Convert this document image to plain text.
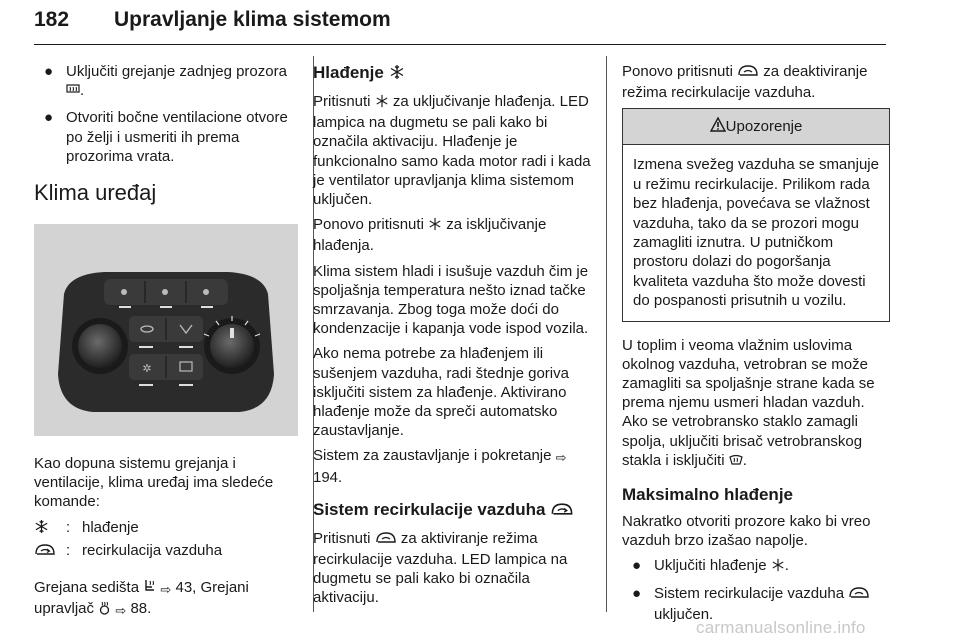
182 Upravljanje klima sistemom
● Uključiti grejanje zadnjeg prozora .
● Otvoriti bočne ventilacione otvore po želji i usmeriti ih prema prozorima vrata.
Klima uređaj
✲

Kao dopuna sistemu grejanja i ventilacije, klima uređaj ima sledeće komande:

: hlađenje
: recirkulacija vazduha

Grejana sedišta  ⇨ 43, Grejani upravljač  ⇨ 88.

Hlađenje

Pritisnuti  za uključivanje hlađenja. LED lampica na dugmetu se pali kako bi označila aktivaciju. Hlađenje je funkcionalno samo kada motor radi i kada je ventilator upravljanja klima sistemom uključen.

Ponovo pritisnuti  za isključivanje hlađenja.

Klima sistem hladi i isušuje vazduh čim je spoljašnja temperatura nešto iznad tačke smrzavanja. Zbog toga može doći do kondenzacije i kapanja vode ispod vozila.

Ako nema potrebe za hlađenjem ili sušenjem vazduha, radi štednje goriva isključiti sistem za hlađenje. Aktivirano hlađenje može da spreči automatsko zaustavljanje.

Sistem za zaustavljanje i pokretanje ⇨ 194.

Sistem recirkulacije vazduha

Pritisnuti  za aktiviranje režima recirkulacije vazduha. LED lampica na dugmetu se pali kako bi označila aktivaciju.

Ponovo pritisnuti  za deaktiviranje režima recirkulacije vazduha.

Upozorenje
Izmena svežeg vazduha se smanjuje u režimu recirkulacije. Prilikom rada bez hlađenja, povećava se vlažnost vazduha, tako da se prozori mogu zamagliti iznutra. U putničkom prostoru dolazi do pogoršanja kvaliteta vazduha što može dovesti do pospanosti prisutnih u vozilu.

U toplim i veoma vlažnim uslovima okolnog vazduha, vetrobran se može zamagliti sa spoljašnje strane kada se prema njemu usmeri hladan vazduh. Ako se vetrobransko staklo zamagli spolja, uključiti brisač vetrobranskog stakla i isključiti .

Maksimalno hlađenje

Nakratko otvoriti prozore kako bi vreo vazduh brzo izašao napolje.

● Uključiti hlađenje .
● Sistem recirkulacije vazduha  uključen.
carmanualsonline.info
